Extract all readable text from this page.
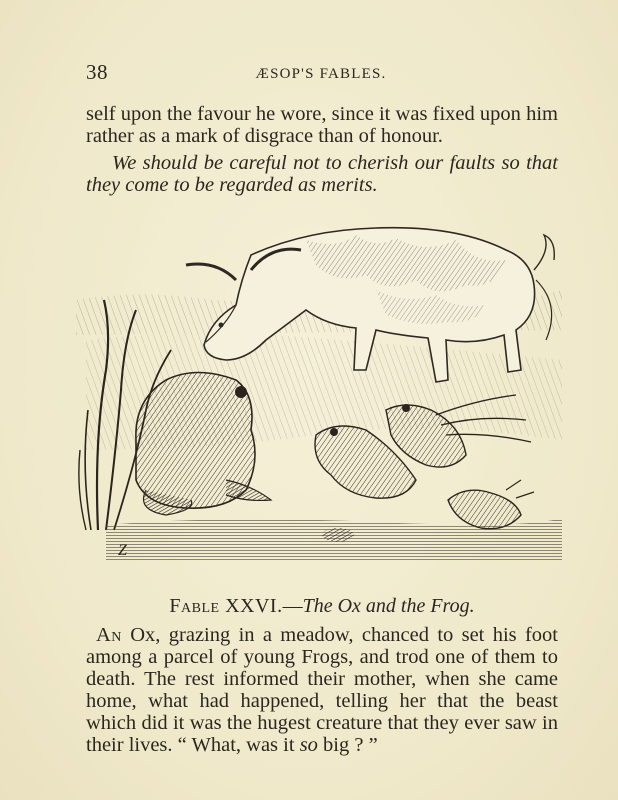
38	ÆSOP'S FABLES.

self upon the favour he wore, since it was fixed upon him rather as a mark of disgrace than of honour.

We should be careful not to cherish our faults so that they come to be regarded as merits.

Z
Fable XXVI.—The Ox and the Frog.

An Ox, grazing in a meadow, chanced to set his foot among a parcel of young Frogs, and trod one of them to death. The rest informed their mother, when she came home, what had happened, telling her that the beast which did it was the hugest creature that they ever saw in their lives. “ What, was it so big ? ”
